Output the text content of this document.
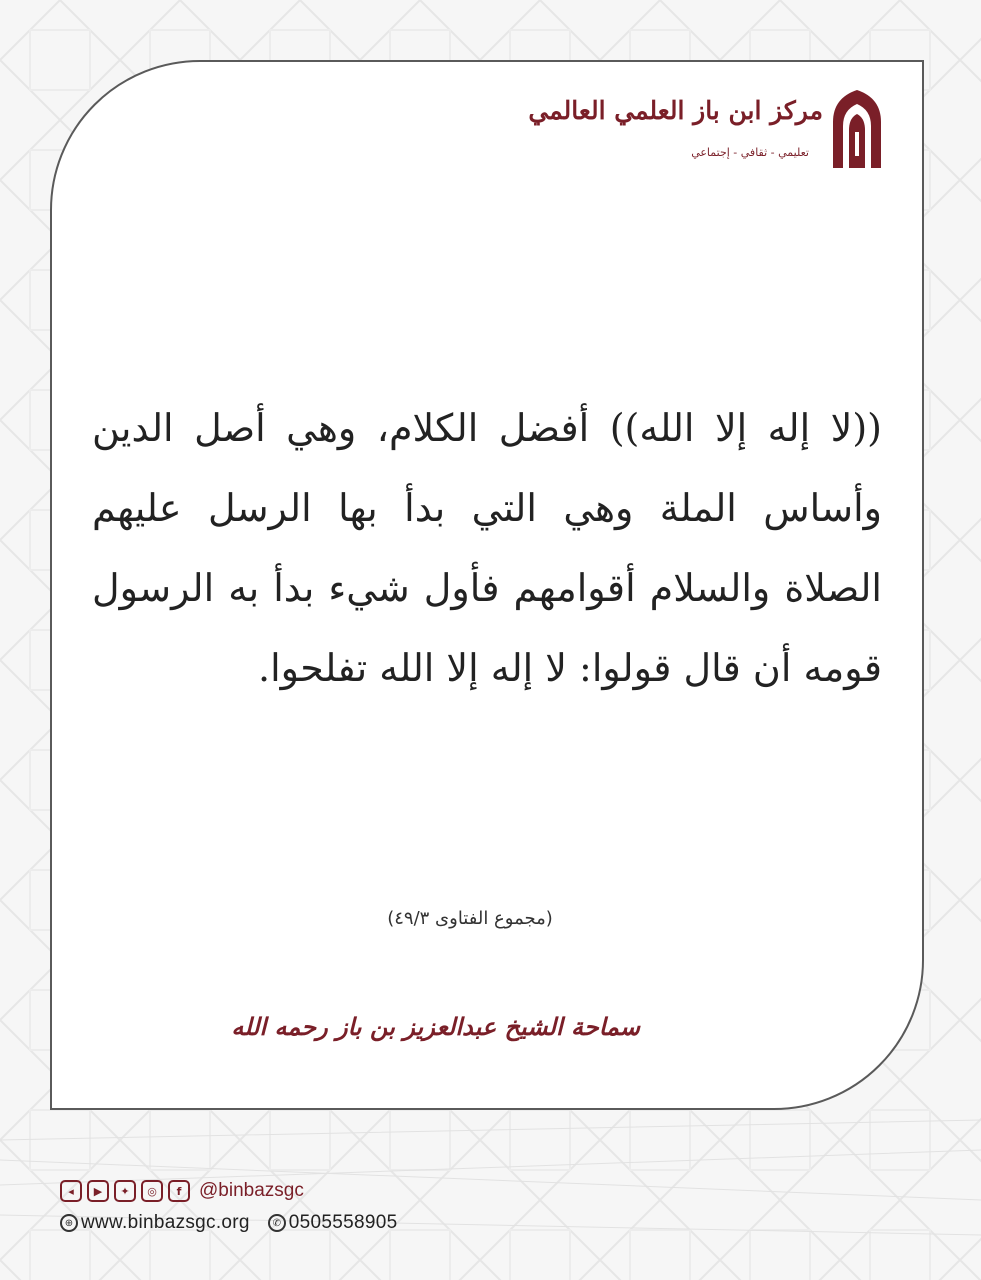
مركز ابن باز العلمي العالمي
تعليمي - ثقافي - إجتماعي
((لا إله إلا الله)) أفضل الكلام، وهي أصل الدين وأساس الملة وهي التي بدأ بها الرسل عليهم الصلاة والسلام أقوامهم فأول شيء بدأ به الرسول قومه أن قال قولوا: لا إله إلا الله تفلحوا.
(مجموع الفتاوى ٤٩/٣)
سماحة الشيخ عبدالعزيز بن باز رحمه الله
◂	▶	✦	◎	f @binbazsgc
⊕ www.binbazsgc.org	✆ 0505558905
